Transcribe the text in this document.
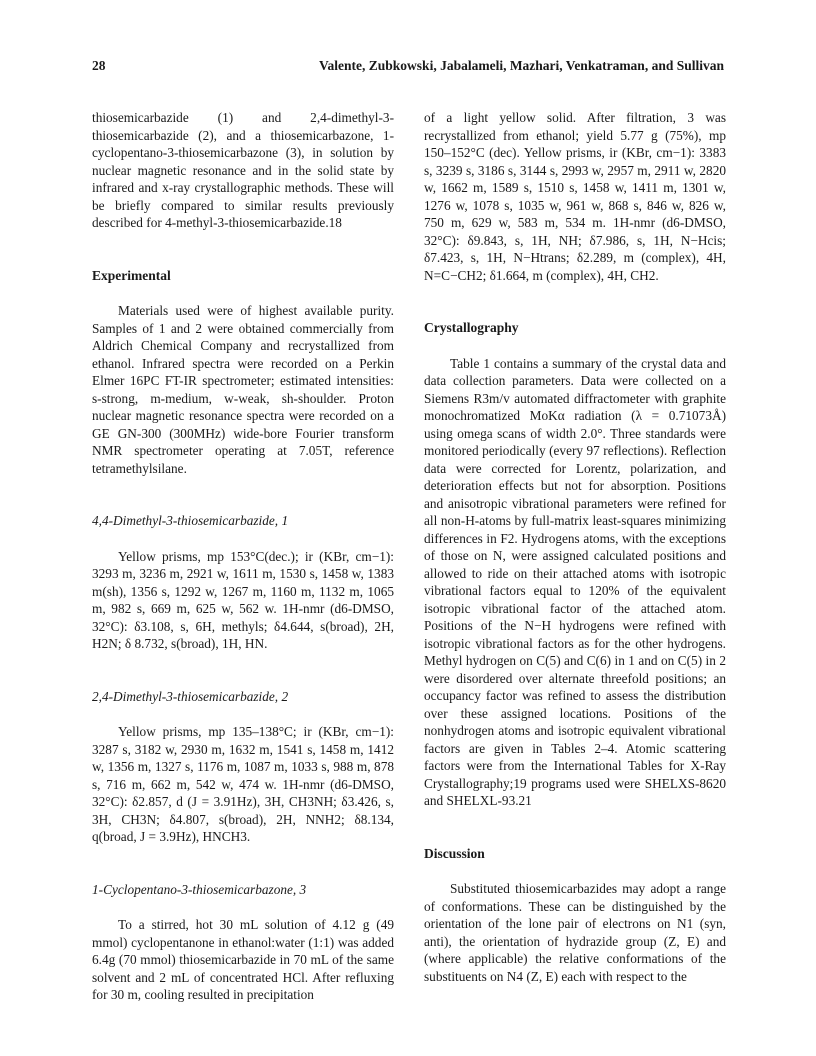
28	Valente, Zubkowski, Jabalameli, Mazhari, Venkatraman, and Sullivan

thiosemicarbazide (1) and 2,4-dimethyl-3-thiosemicarbazide (2), and a thiosemicarbazone, 1-cyclopentano-3-thiosemicarbazone (3), in solution by nuclear magnetic resonance and in the solid state by infrared and x-ray crystallographic methods. These will be briefly compared to similar results previously described for 4-methyl-3-thiosemicarbazide.18

Experimental

Materials used were of highest available purity. Samples of 1 and 2 were obtained commercially from Aldrich Chemical Company and recrystallized from ethanol. Infrared spectra were recorded on a Perkin Elmer 16PC FT-IR spectrometer; estimated intensities: s-strong, m-medium, w-weak, sh-shoulder. Proton nuclear magnetic resonance spectra were recorded on a GE GN-300 (300MHz) wide-bore Fourier transform NMR spectrometer operating at 7.05T, reference tetramethylsilane.

4,4-Dimethyl-3-thiosemicarbazide, 1

Yellow prisms, mp 153°C(dec.); ir (KBr, cm−1): 3293 m, 3236 m, 2921 w, 1611 m, 1530 s, 1458 w, 1383 m(sh), 1356 s, 1292 w, 1267 m, 1160 m, 1132 m, 1065 m, 982 s, 669 m, 625 w, 562 w. 1H-nmr (d6-DMSO, 32°C): δ3.108, s, 6H, methyls; δ4.644, s(broad), 2H, H2N; δ 8.732, s(broad), 1H, HN.

2,4-Dimethyl-3-thiosemicarbazide, 2

Yellow prisms, mp 135–138°C; ir (KBr, cm−1): 3287 s, 3182 w, 2930 m, 1632 m, 1541 s, 1458 m, 1412 w, 1356 m, 1327 s, 1176 m, 1087 m, 1033 s, 988 m, 878 s, 716 m, 662 m, 542 w, 474 w. 1H-nmr (d6-DMSO, 32°C): δ2.857, d (J = 3.91Hz), 3H, CH3NH; δ3.426, s, 3H, CH3N; δ4.807, s(broad), 2H, NNH2; δ8.134, q(broad, J = 3.9Hz), HNCH3.

1-Cyclopentano-3-thiosemicarbazone, 3

To a stirred, hot 30 mL solution of 4.12 g (49 mmol) cyclopentanone in ethanol:water (1:1) was added 6.4g (70 mmol) thiosemicarbazide in 70 mL of the same solvent and 2 mL of concentrated HCl. After refluxing for 30 m, cooling resulted in precipitation

of a light yellow solid. After filtration, 3 was recrystallized from ethanol; yield 5.77 g (75%), mp 150–152°C (dec). Yellow prisms, ir (KBr, cm−1): 3383 s, 3239 s, 3186 s, 3144 s, 2993 w, 2957 m, 2911 w, 2820 w, 1662 m, 1589 s, 1510 s, 1458 w, 1411 m, 1301 w, 1276 w, 1078 s, 1035 w, 961 w, 868 s, 846 w, 826 w, 750 m, 629 w, 583 m, 534 m. 1H-nmr (d6-DMSO, 32°C): δ9.843, s, 1H, NH; δ7.986, s, 1H, N−Hcis; δ7.423, s, 1H, N−Htrans; δ2.289, m (complex), 4H, N=C−CH2; δ1.664, m (complex), 4H, CH2.

Crystallography

Table 1 contains a summary of the crystal data and data collection parameters. Data were collected on a Siemens R3m/v automated diffractometer with graphite monochromatized MoKα radiation (λ = 0.71073Å) using omega scans of width 2.0°. Three standards were monitored periodically (every 97 reflections). Reflection data were corrected for Lorentz, polarization, and deterioration effects but not for absorption. Positions and anisotropic vibrational parameters were refined for all non-H-atoms by full-matrix least-squares minimizing differences in F2. Hydrogens atoms, with the exceptions of those on N, were assigned calculated positions and allowed to ride on their attached atoms with isotropic vibrational factors equal to 120% of the equivalent isotropic vibrational factor of the attached atom. Positions of the N−H hydrogens were refined with isotropic vibrational factors as for the other hydrogens. Methyl hydrogen on C(5) and C(6) in 1 and on C(5) in 2 were disordered over alternate threefold positions; an occupancy factor was refined to assess the distribution over these assigned locations. Positions of the nonhydrogen atoms and isotropic equivalent vibrational factors are given in Tables 2–4. Atomic scattering factors were from the International Tables for X-Ray Crystallography;19 programs used were SHELXS-8620 and SHELXL-93.21

Discussion

Substituted thiosemicarbazides may adopt a range of conformations. These can be distinguished by the orientation of the lone pair of electrons on N1 (syn, anti), the orientation of hydrazide group (Z, E) and (where applicable) the relative conformations of the substituents on N4 (Z, E) each with respect to the
